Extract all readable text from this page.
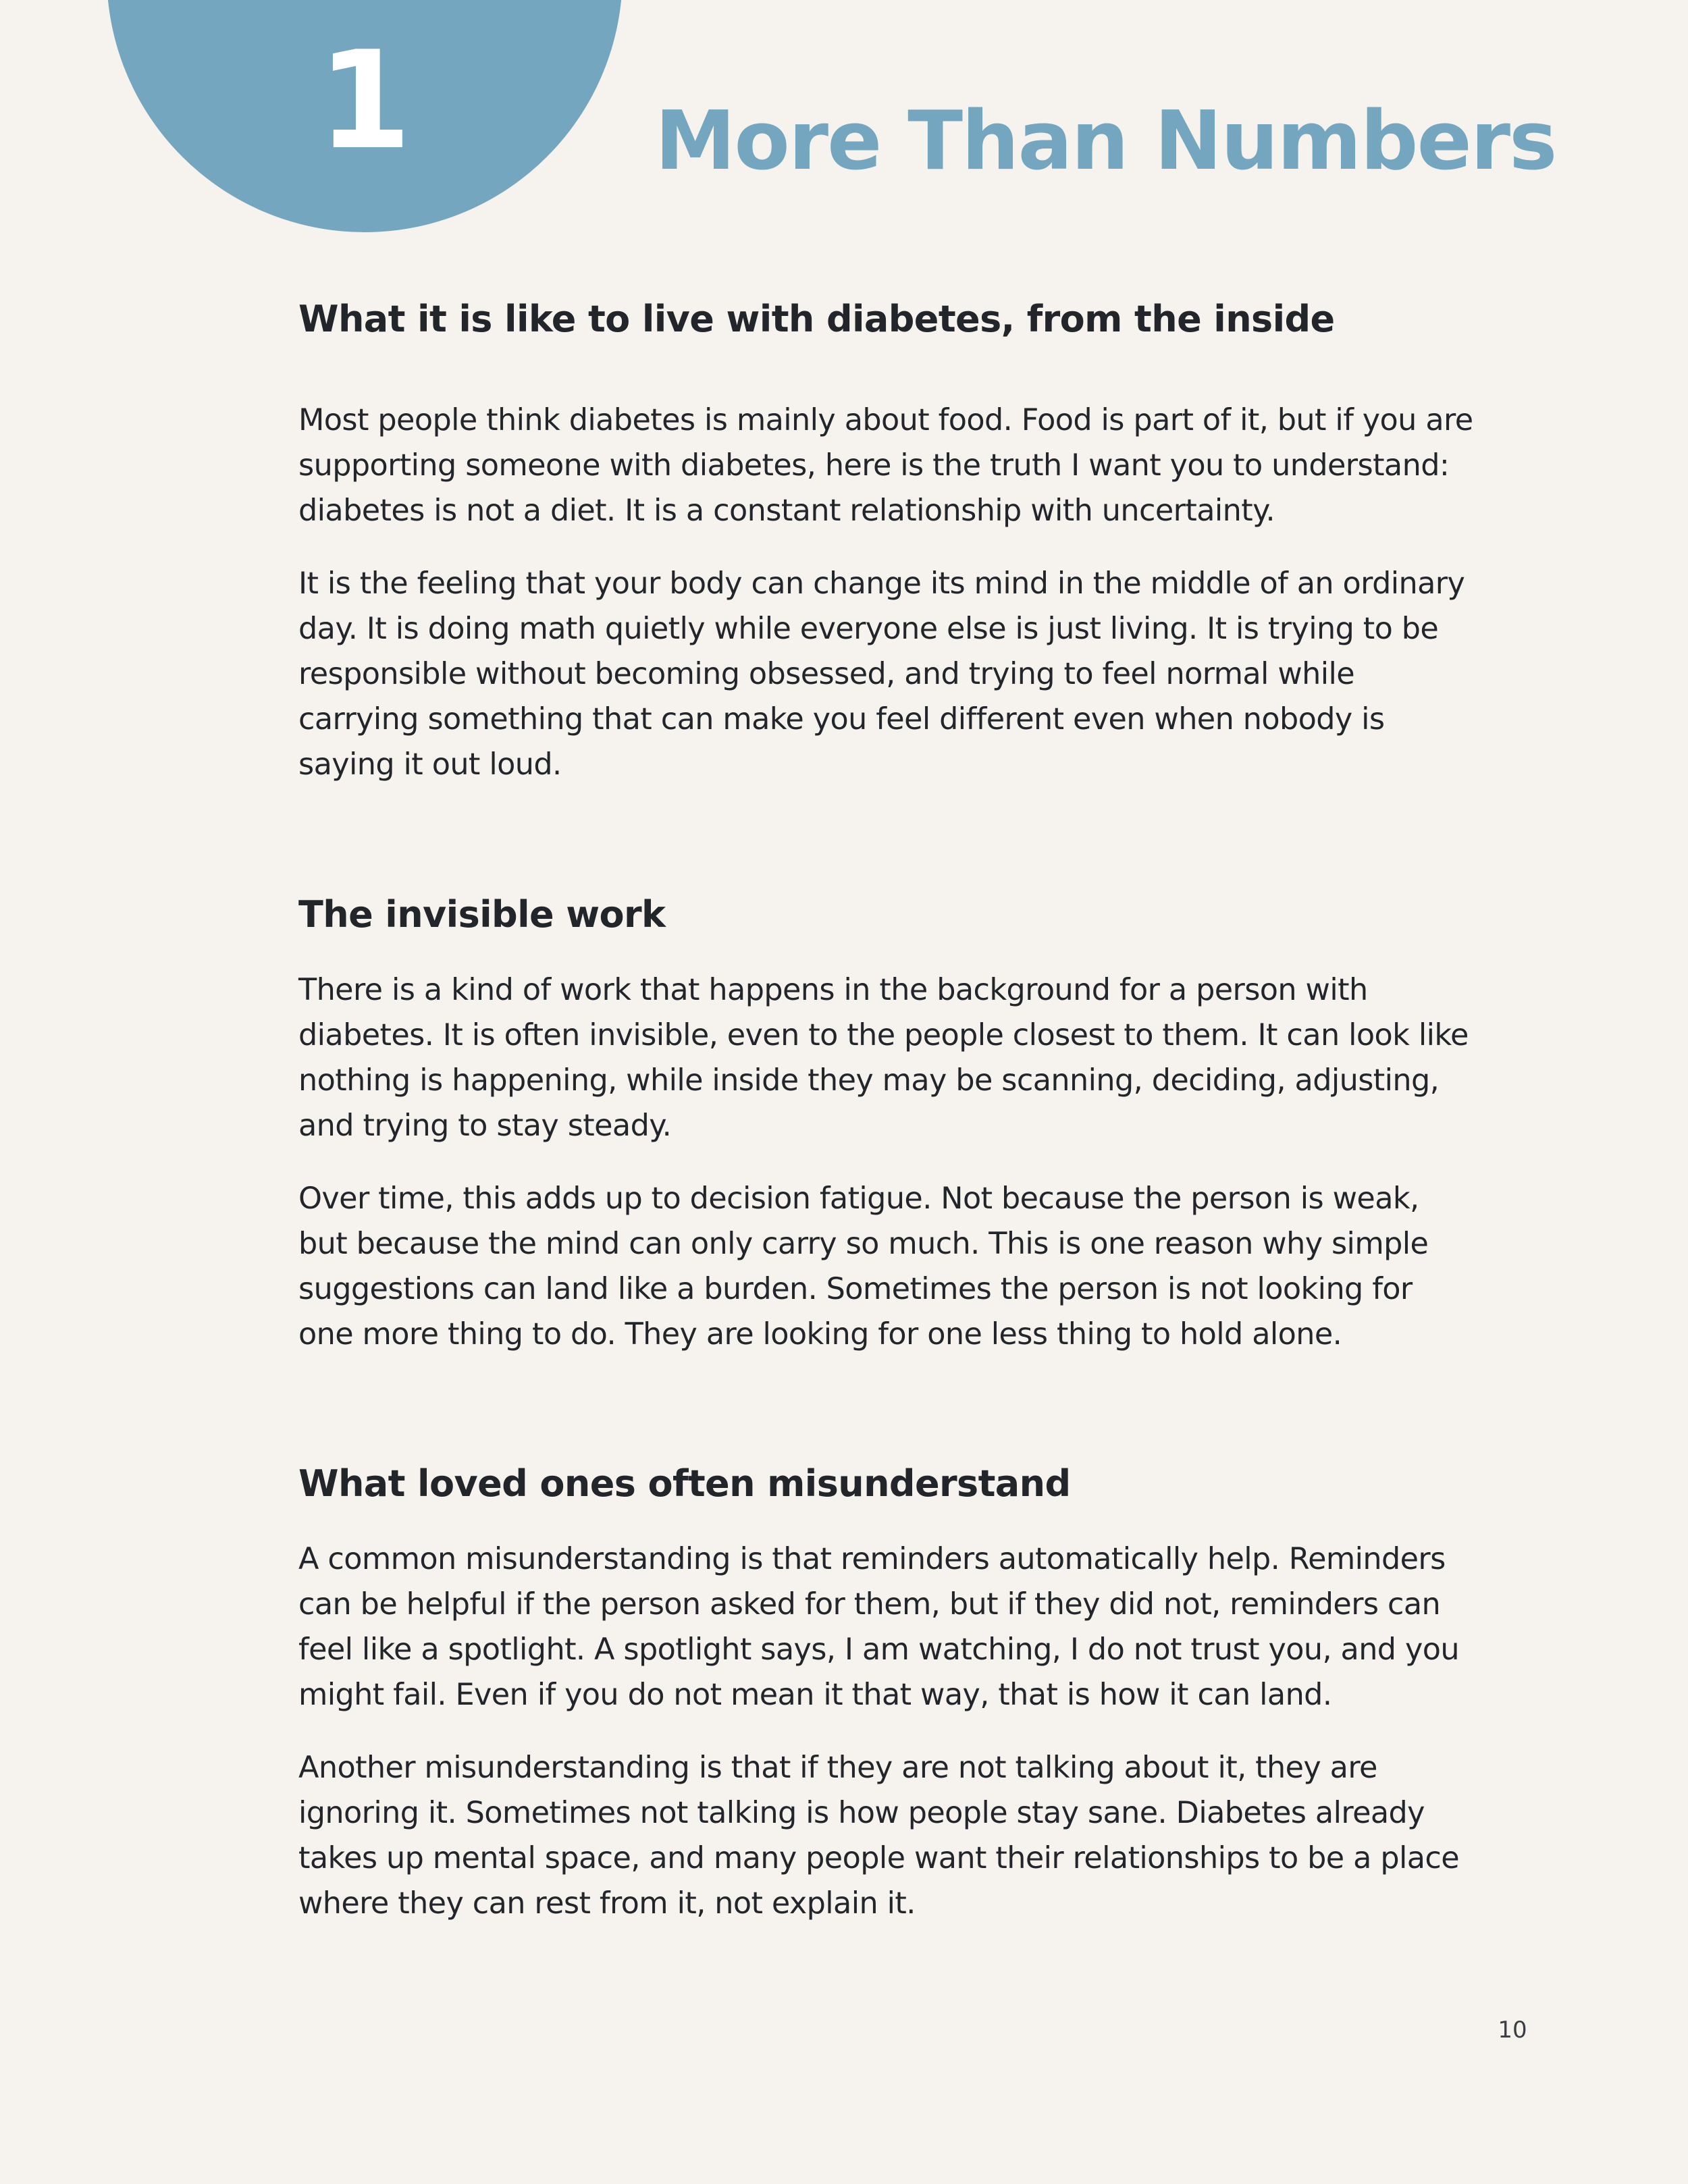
1	More Than Numbers
What it is like to live with diabetes, from the inside

Most people think diabetes is mainly about food. Food is part of it, but if you are supporting someone with diabetes, here is the truth I want you to understand: diabetes is not a diet. It is a constant relationship with uncertainty.

It is the feeling that your body can change its mind in the middle of an ordinary day. It is doing math quietly while everyone else is just living. It is trying to be responsible without becoming obsessed, and trying to feel normal while carrying something that can make you feel different even when nobody is saying it out loud.

The invisible work

There is a kind of work that happens in the background for a person with diabetes. It is often invisible, even to the people closest to them. It can look like nothing is happening, while inside they may be scanning, deciding, adjusting, and trying to stay steady.

Over time, this adds up to decision fatigue. Not because the person is weak, but because the mind can only carry so much. This is one reason why simple suggestions can land like a burden. Sometimes the person is not looking for one more thing to do. They are looking for one less thing to hold alone.

What loved ones often misunderstand

A common misunderstanding is that reminders automatically help. Reminders can be helpful if the person asked for them, but if they did not, reminders can feel like a spotlight. A spotlight says, I am watching, I do not trust you, and you might fail. Even if you do not mean it that way, that is how it can land.

Another misunderstanding is that if they are not talking about it, they are ignoring it. Sometimes not talking is how people stay sane. Diabetes already takes up mental space, and many people want their relationships to be a place where they can rest from it, not explain it.

10
